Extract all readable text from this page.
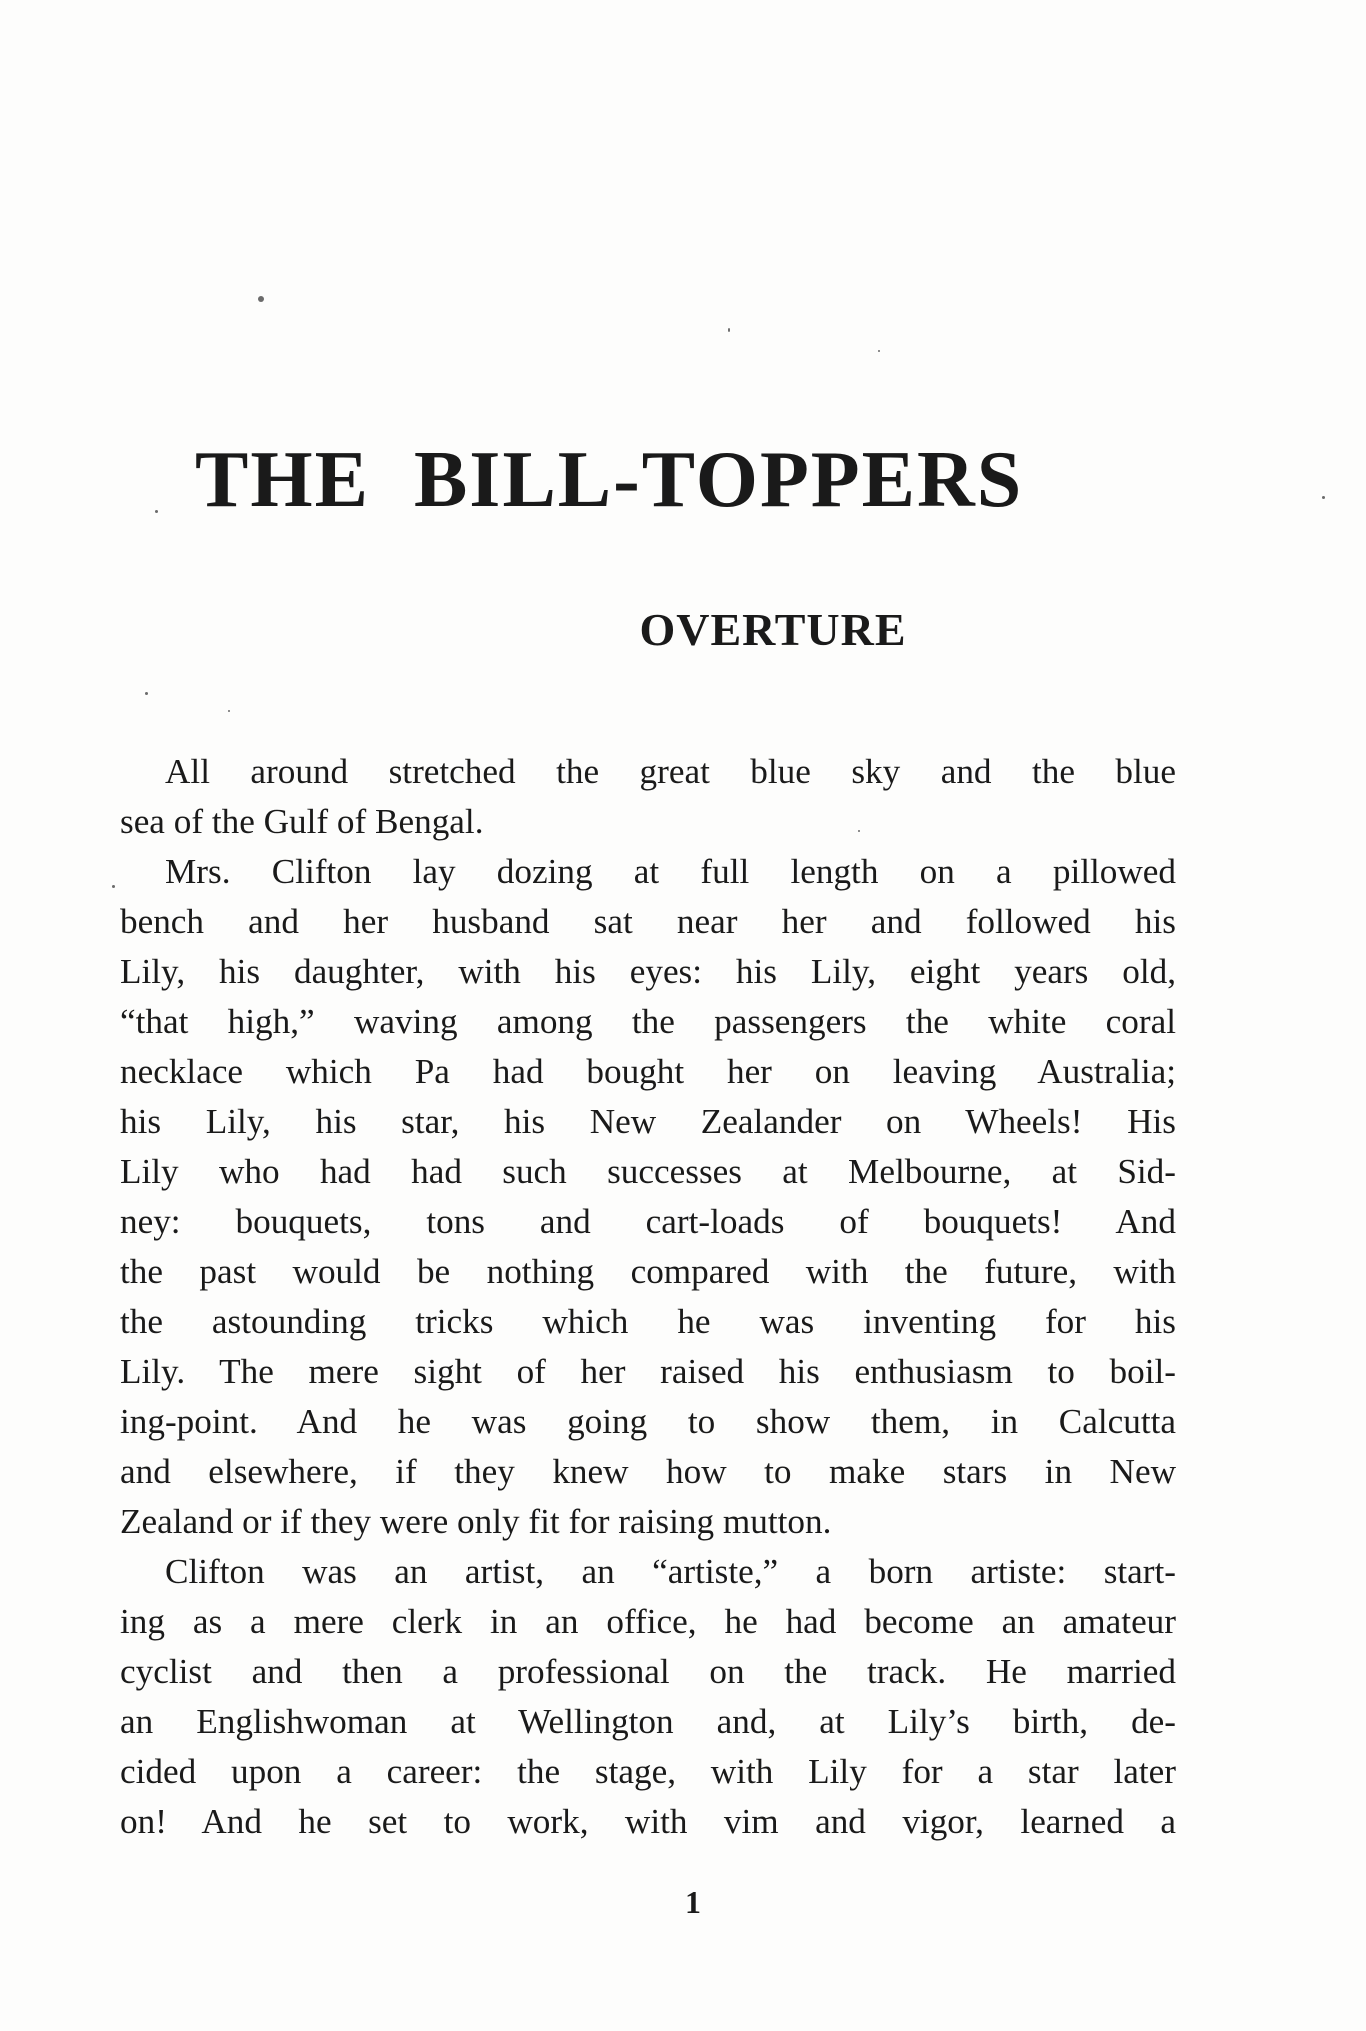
THE BILL-TOPPERS
OVERTURE

All around stretched the great blue sky and the blue
sea of the Gulf of Bengal.

Mrs. Clifton lay dozing at full length on a pillowed
bench and her husband sat near her and followed his
Lily, his daughter, with his eyes: his Lily, eight years old,
“that high,” waving among the passengers the white coral
necklace which Pa had bought her on leaving Australia;
his Lily, his star, his New Zealander on Wheels! His
Lily who had had such successes at Melbourne, at Sid-
ney: bouquets, tons and cart-loads of bouquets! And
the past would be nothing compared with the future, with
the astounding tricks which he was inventing for his
Lily. The mere sight of her raised his enthusiasm to boil-
ing-point. And he was going to show them, in Calcutta
and elsewhere, if they knew how to make stars in New
Zealand or if they were only fit for raising mutton.

Clifton was an artist, an “artiste,” a born artiste: start-
ing as a mere clerk in an office, he had become an amateur
cyclist and then a professional on the track. He married
an Englishwoman at Wellington and, at Lily’s birth, de-
cided upon a career: the stage, with Lily for a star later
on! And he set to work, with vim and vigor, learned a

1
